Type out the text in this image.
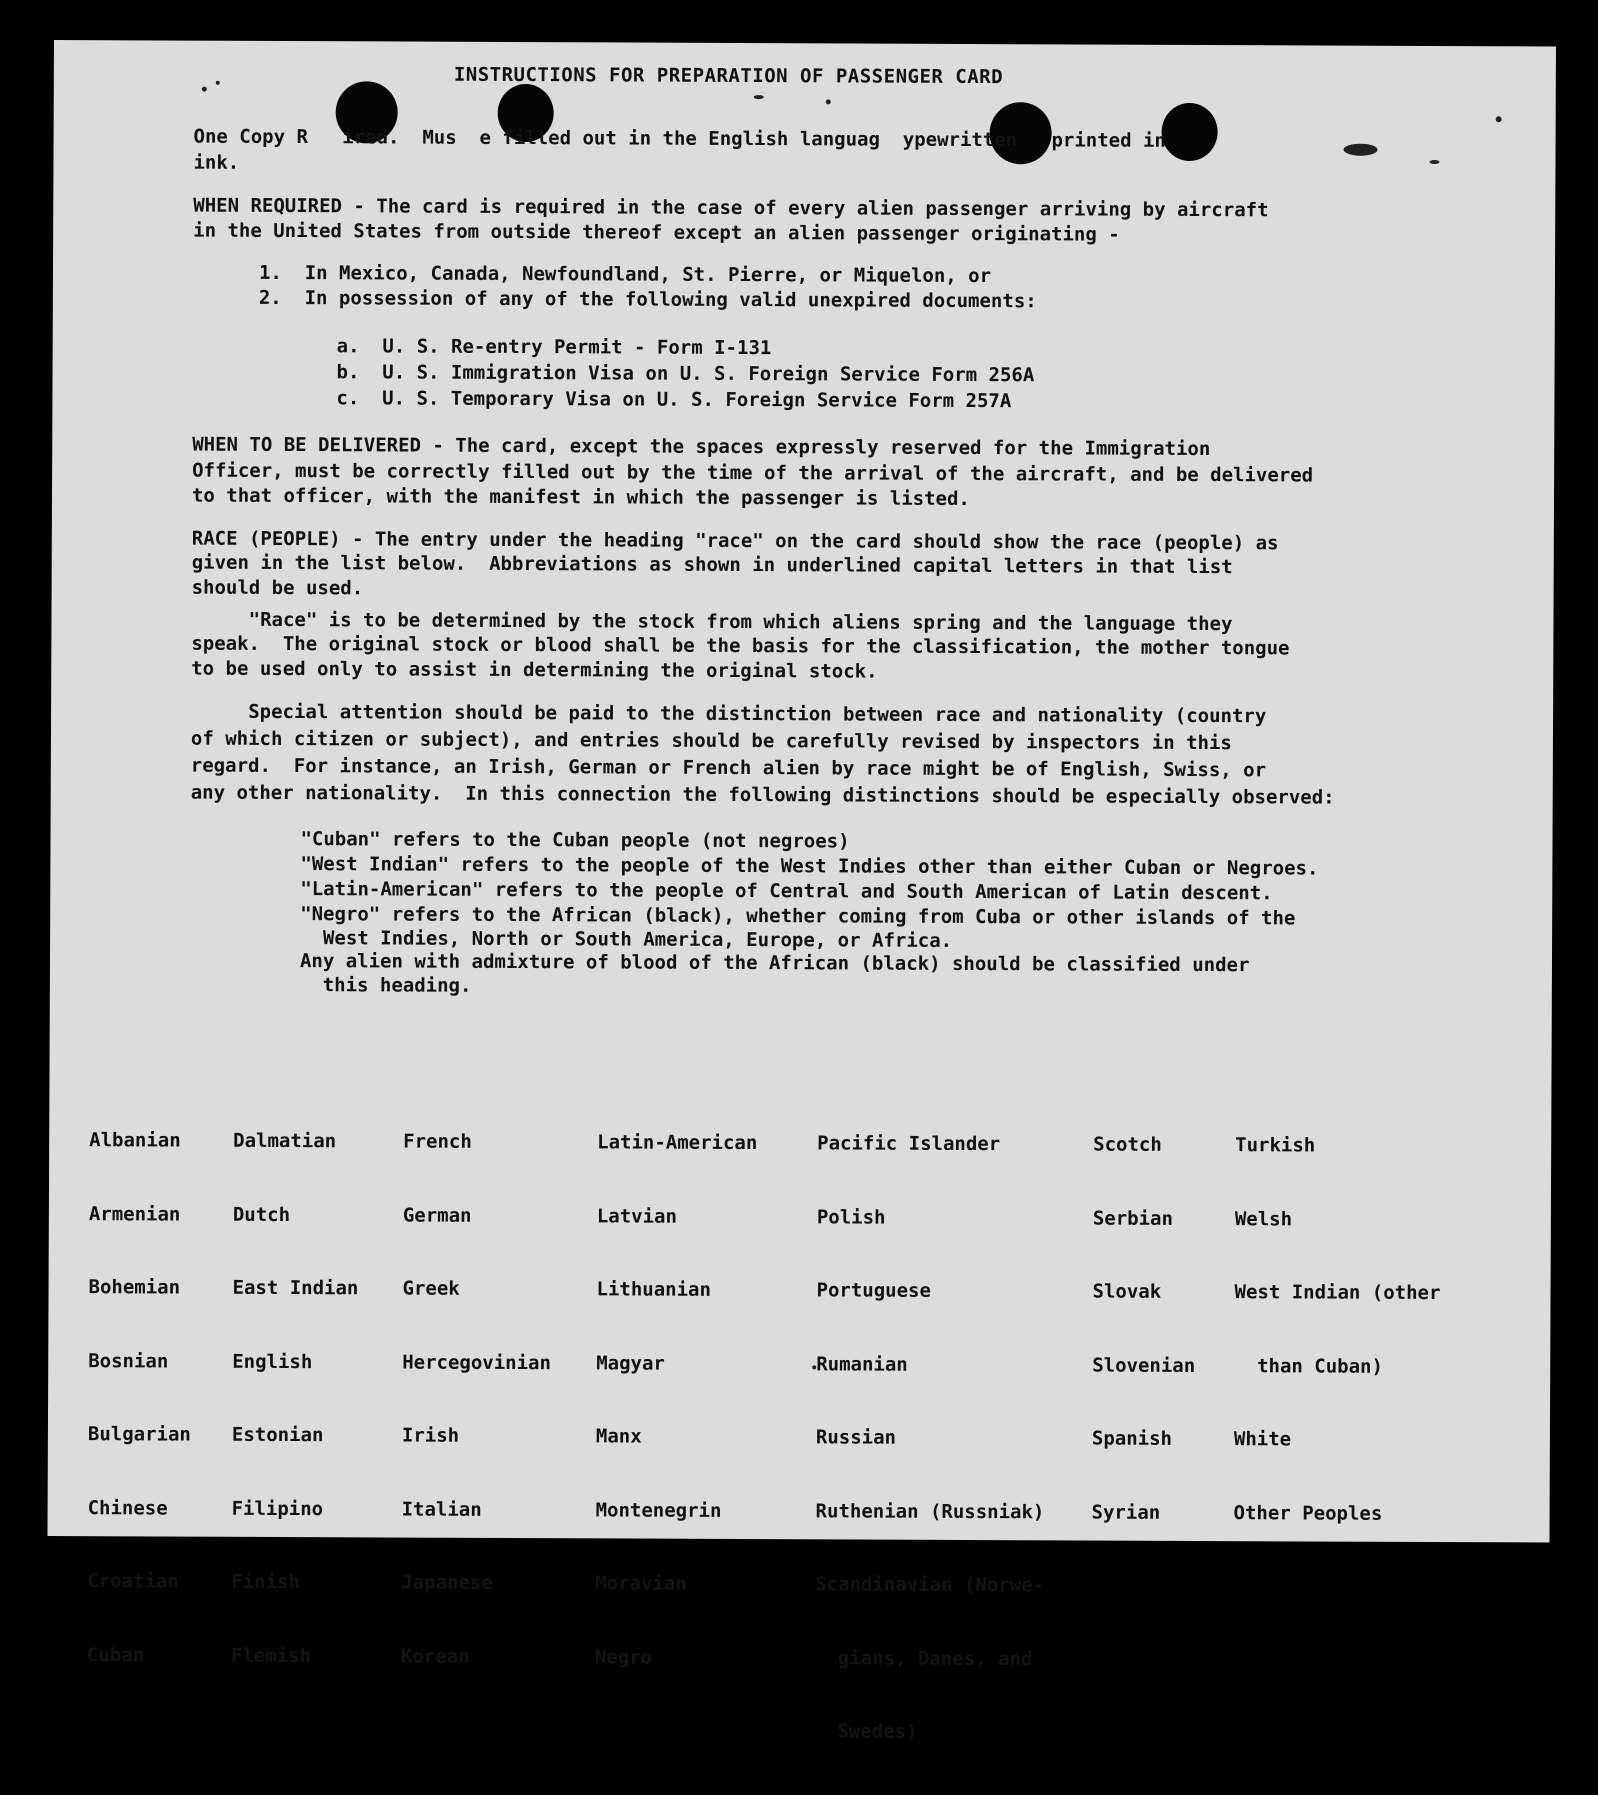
INSTRUCTIONS FOR PREPARATION OF PASSENGER CARD

One Copy R   ired.  Mus  e filled out in the English languag  ypewritten   printed in

ink.

WHEN REQUIRED - The card is required in the case of every alien passenger arriving by aircraft

in the United States from outside thereof except an alien passenger originating -

1.  In Mexico, Canada, Newfoundland, St. Pierre, or Miquelon, or

2.  In possession of any of the following valid unexpired documents:

a.  U. S. Re-entry Permit - Form I-131

b.  U. S. Immigration Visa on U. S. Foreign Service Form 256A

c.  U. S. Temporary Visa on U. S. Foreign Service Form 257A

WHEN TO BE DELIVERED - The card, except the spaces expressly reserved for the Immigration

Officer, must be correctly filled out by the time of the arrival of the aircraft, and be delivered

to that officer, with the manifest in which the passenger is listed.

RACE (PEOPLE) - The entry under the heading "race" on the card should show the race (people) as

given in the list below.  Abbreviations as shown in underlined capital letters in that list

should be used.

"Race" is to be determined by the stock from which aliens spring and the language they

speak.  The original stock or blood shall be the basis for the classification, the mother tongue

to be used only to assist in determining the original stock.

Special attention should be paid to the distinction between race and nationality (country

of which citizen or subject), and entries should be carefully revised by inspectors in this

regard.  For instance, an Irish, German or French alien by race might be of English, Swiss, or

any other nationality.  In this connection the following distinctions should be especially observed:

"Cuban" refers to the Cuban people (not negroes)

"West Indian" refers to the people of the West Indies other than either Cuban or Negroes.

"Latin-American" refers to the people of Central and South American of Latin descent.

"Negro" refers to the African (black), whether coming from Cuba or other islands of the

West Indies, North or South America, Europe, or Africa.

Any alien with admixture of blood of the African (black) should be classified under

this heading.

Albanian

Armenian

Bohemian

Bosnian

Bulgarian

Chinese

Croatian

Cuban

Dalmatian

Dutch

East Indian

English

Estonian

Filipino

Finish

Flemish

French

German

Greek

Hercegovinian

Irish

Italian

Japanese

Korean

Latin-American

Latvian

Lithuanian

Magyar

Manx

Montenegrin

Moravian

Negro

Pacific Islander

Polish

Portuguese

Rumanian

Russian

Ruthenian (Russniak)

Scandinavian (Norwe-

gians, Danes, and

Swedes)

Scotch

Serbian

Slovak

Slovenian

Spanish

Syrian

Turkish

Welsh

West Indian (other

than Cuban)

White

Other Peoples
